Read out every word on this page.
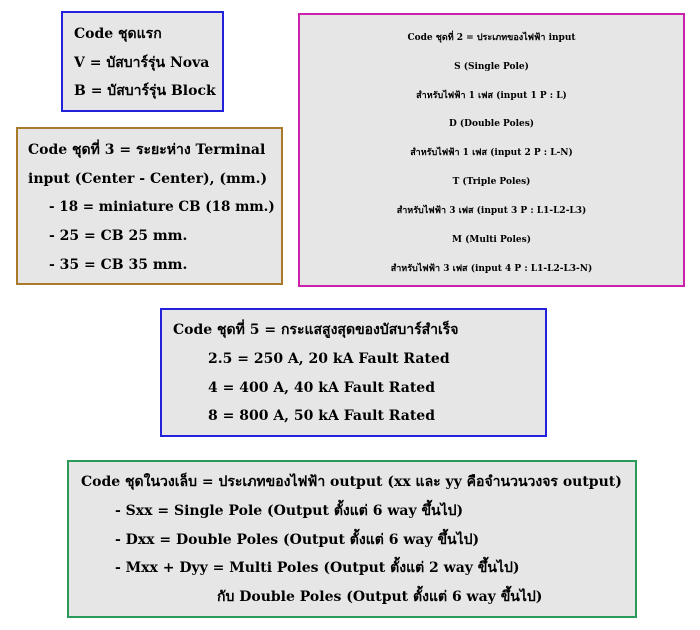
Code ชุดแรก
V = บัสบาร์รุ่น Nova
B = บัสบาร์รุ่น Block
Code ชุดที่ 2 = ประเภทของไฟฟ้า input
S (Single Pole)
สำหรับไฟฟ้า 1 เฟส (input 1 P : L)
D (Double Poles)
สำหรับไฟฟ้า 1 เฟส (input 2 P : L-N)
T (Triple Poles)
สำหรับไฟฟ้า 3 เฟส (input 3 P : L1-L2-L3)
M (Multi Poles)
สำหรับไฟฟ้า 3 เฟส (input 4 P : L1-L2-L3-N)
Code ชุดที่ 3 = ระยะห่าง Terminal
input (Center - Center), (mm.)
- 18 = miniature CB (18 mm.)
- 25 = CB 25 mm.
- 35 = CB 35 mm.
Code ชุดที่ 5 = กระแสสูงสุดของบัสบาร์สำเร็จ
2.5 = 250 A, 20 kA Fault Rated
4 = 400 A, 40 kA Fault Rated
8 = 800 A, 50 kA Fault Rated
Code ชุดในวงเล็บ = ประเภทของไฟฟ้า output (xx และ yy คือจำนวนวงจร output)
- Sxx = Single Pole (Output ตั้งแต่ 6 way ขึ้นไป)
- Dxx = Double Poles (Output ตั้งแต่ 6 way ขึ้นไป)
- Mxx + Dyy = Multi Poles (Output ตั้งแต่ 2 way ขึ้นไป)
กับ Double Poles (Output ตั้งแต่ 6 way ขึ้นไป)
